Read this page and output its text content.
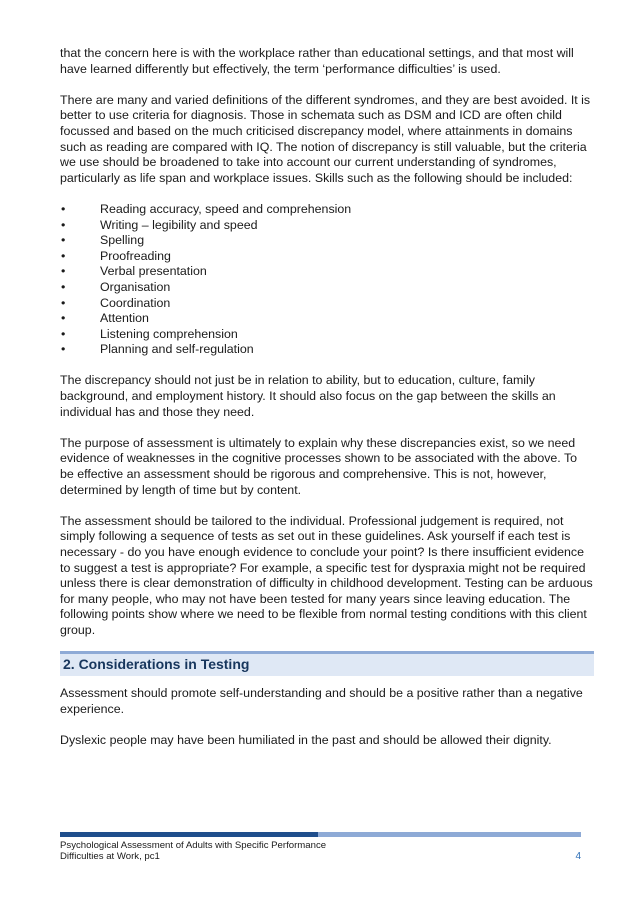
that the concern here is with the workplace rather than educational settings, and that most will have learned differently but effectively, the term ‘performance difficulties’ is used.

There are many and varied definitions of the different syndromes, and they are best avoided. It is better to use criteria for diagnosis. Those in schemata such as DSM and ICD are often child focussed and based on the much criticised discrepancy model, where attainments in domains such as reading are compared with IQ. The notion of discrepancy is still valuable, but the criteria we use should be broadened to take into account our current understanding of syndromes, particularly as life span and workplace issues. Skills such as the following should be included:

•	Reading accuracy, speed and comprehension
•	Writing – legibility and speed
•	Spelling
•	Proofreading
•	Verbal presentation
•	Organisation
•	Coordination
•	Attention
•	Listening comprehension
•	Planning and self-regulation

The discrepancy should not just be in relation to ability, but to education, culture, family background, and employment history. It should also focus on the gap between the skills an individual has and those they need.

The purpose of assessment is ultimately to explain why these discrepancies exist, so we need evidence of weaknesses in the cognitive processes shown to be associated with the above. To be effective an assessment should be rigorous and comprehensive. This is not, however, determined by length of time but by content.

The assessment should be tailored to the individual. Professional judgement is required, not simply following a sequence of tests as set out in these guidelines. Ask yourself if each test is necessary - do you have enough evidence to conclude your point? Is there insufficient evidence to suggest a test is appropriate? For example, a specific test for dyspraxia might not be required unless there is clear demonstration of difficulty in childhood development. Testing can be arduous for many people, who may not have been tested for many years since leaving education. The following points show where we need to be flexible from normal testing conditions with this client group.

2. Considerations in Testing

Assessment should promote self-understanding and should be a positive rather than a negative experience.

Dyslexic people may have been humiliated in the past and should be allowed their dignity.

Psychological Assessment of Adults with Specific Performance
Difficulties at Work, pc1	4
